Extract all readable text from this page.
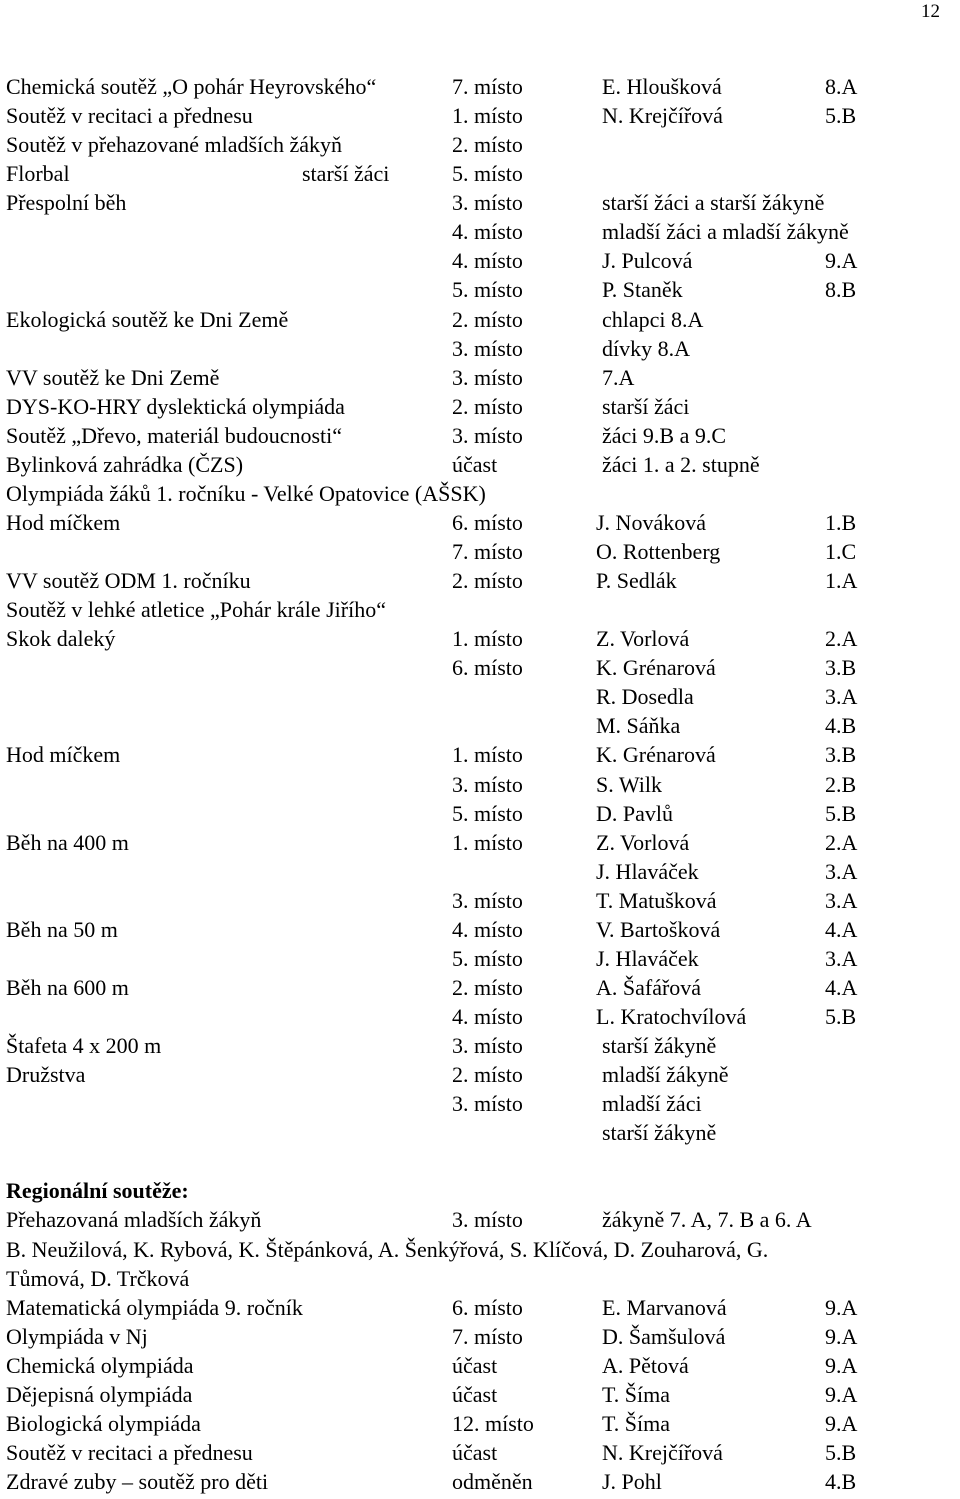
12
Chemická soutěž „O pohár Heyrovského“	7. místo	E. Hloušková	8.A
Soutěž v recitaci a přednesu	1. místo	N. Krejčířová	5.B
Soutěž v přehazované mladších žákyň	2. místo
Florbal	starší žáci	5. místo
Přespolní běh	3. místo	starší žáci a starší žákyně
4. místo	mladší žáci a mladší žákyně
4. místo	J. Pulcová	9.A
5. místo	P. Staněk	8.B
Ekologická soutěž ke Dni Země	2. místo	chlapci 8.A
3. místo	dívky 8.A
VV soutěž ke Dni Země	3. místo	7.A
DYS-KO-HRY dyslektická olympiáda	2. místo	starší žáci
Soutěž „Dřevo, materiál budoucnosti“	3. místo	žáci 9.B a 9.C
Bylinková zahrádka (ČZS)	účast	žáci 1. a 2. stupně
Olympiáda žáků 1. ročníku - Velké Opatovice (AŠSK)
Hod míčkem	6. místo	J. Nováková	1.B
7. místo	O. Rottenberg	1.C
VV soutěž ODM 1. ročníku	2. místo	P. Sedlák	1.A
Soutěž v lehké atletice „Pohár krále Jiřího“
Skok daleký	1. místo	Z. Vorlová	2.A
6. místo	K. Grénarová	3.B
R. Dosedla	3.A
M. Sáňka	4.B
Hod míčkem	1. místo	K. Grénarová	3.B
3. místo	S. Wilk	2.B
5. místo	D. Pavlů	5.B
Běh na 400 m	1. místo	Z. Vorlová	2.A
J. Hlaváček	3.A
3. místo	T. Matušková	3.A
Běh na 50 m	4. místo	V. Bartošková	4.A
5. místo	J. Hlaváček	3.A
Běh na 600 m	2. místo	A. Šafářová	4.A
4. místo	L. Kratochvílová	5.B
Štafeta 4 x 200 m	3. místo	starší žákyně
Družstva	2. místo	mladší žákyně
3. místo	mladší žáci
starší žákyně
Regionální soutěže:
Přehazovaná mladších žákyň	3. místo	žákyně 7. A, 7. B a 6. A
B. Neužilová, K. Rybová, K. Štěpánková, A. Šenkýřová, S. Klíčová, D. Zouharová, G.
Tůmová, D. Trčková
Matematická olympiáda 9. ročník	6. místo	E. Marvanová	9.A
Olympiáda v Nj	7. místo	D. Šamšulová	9.A
Chemická olympiáda	účast	A. Pětová	9.A
Dějepisná olympiáda	účast	T. Šíma	9.A
Biologická olympiáda	12. místo	T. Šíma	9.A
Soutěž v recitaci a přednesu	účast	N. Krejčířová	5.B
Zdravé zuby – soutěž pro děti	odměněn	J. Pohl	4.B
